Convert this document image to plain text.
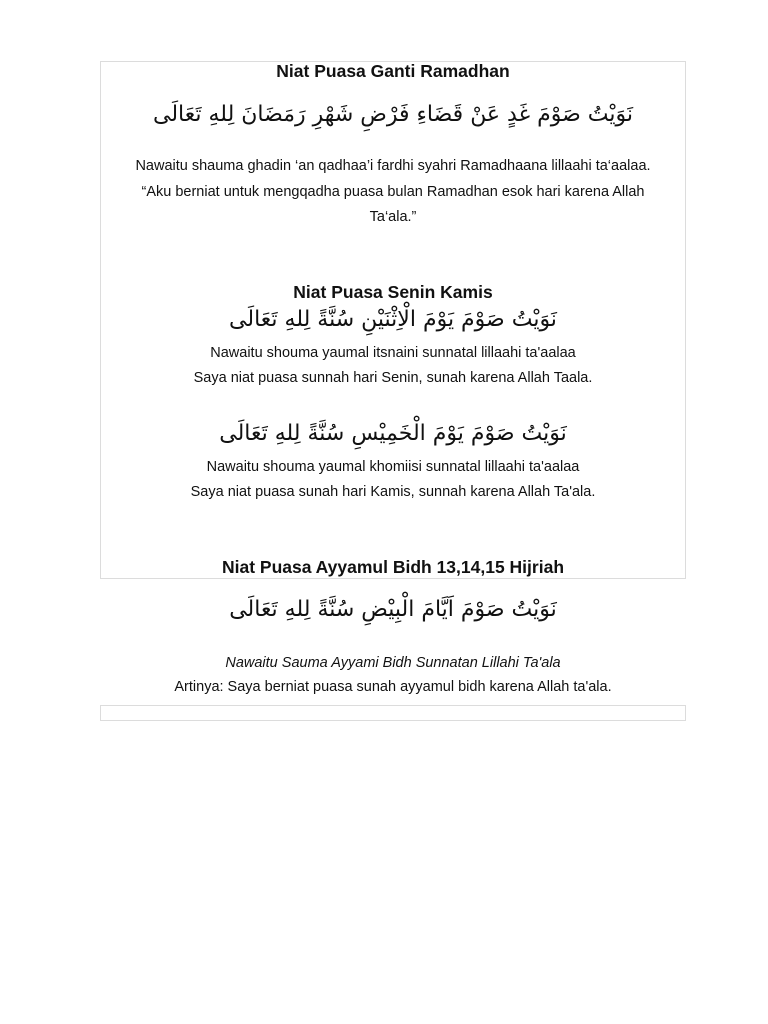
Niat Puasa Ganti Ramadhan
نَوَيْتُ صَوْمَ غَدٍ عَنْ قَضَاءِ فَرْضِ شَهْرِ رَمَضَانَ لِلهِ تَعَالَى
Nawaitu shauma ghadin ‘an qadhaa’i fardhi syahri Ramadhaana lillaahi ta‘aalaa.
“Aku berniat untuk mengqadha puasa bulan Ramadhan esok hari karena Allah
Ta‘ala.”
Niat Puasa Senin Kamis
نَوَيْتُ صَوْمَ يَوْمَ الْاِثْنَيْنِ سُنَّةً لِلهِ تَعَالَى
Nawaitu shouma yaumal itsnaini sunnatal lillaahi ta'aalaa
Saya niat puasa sunnah hari Senin, sunah karena Allah Taala.
نَوَيْتُ صَوْمَ يَوْمَ الْخَمِيْسِ سُنَّةً لِلهِ تَعَالَى
Nawaitu shouma yaumal khomiisi sunnatal lillaahi ta'aalaa
Saya niat puasa sunah hari Kamis, sunnah karena Allah Ta'ala.
Niat Puasa Ayyamul Bidh 13,14,15 Hijriah
نَوَيْتُ صَوْمَ اَيَّامَ الْبِيْضِ سُنَّةً لِلهِ تَعَالَى
Nawaitu Sauma Ayyami Bidh Sunnatan Lillahi Ta'ala
Artinya: Saya berniat puasa sunah ayyamul bidh karena Allah ta'ala.
